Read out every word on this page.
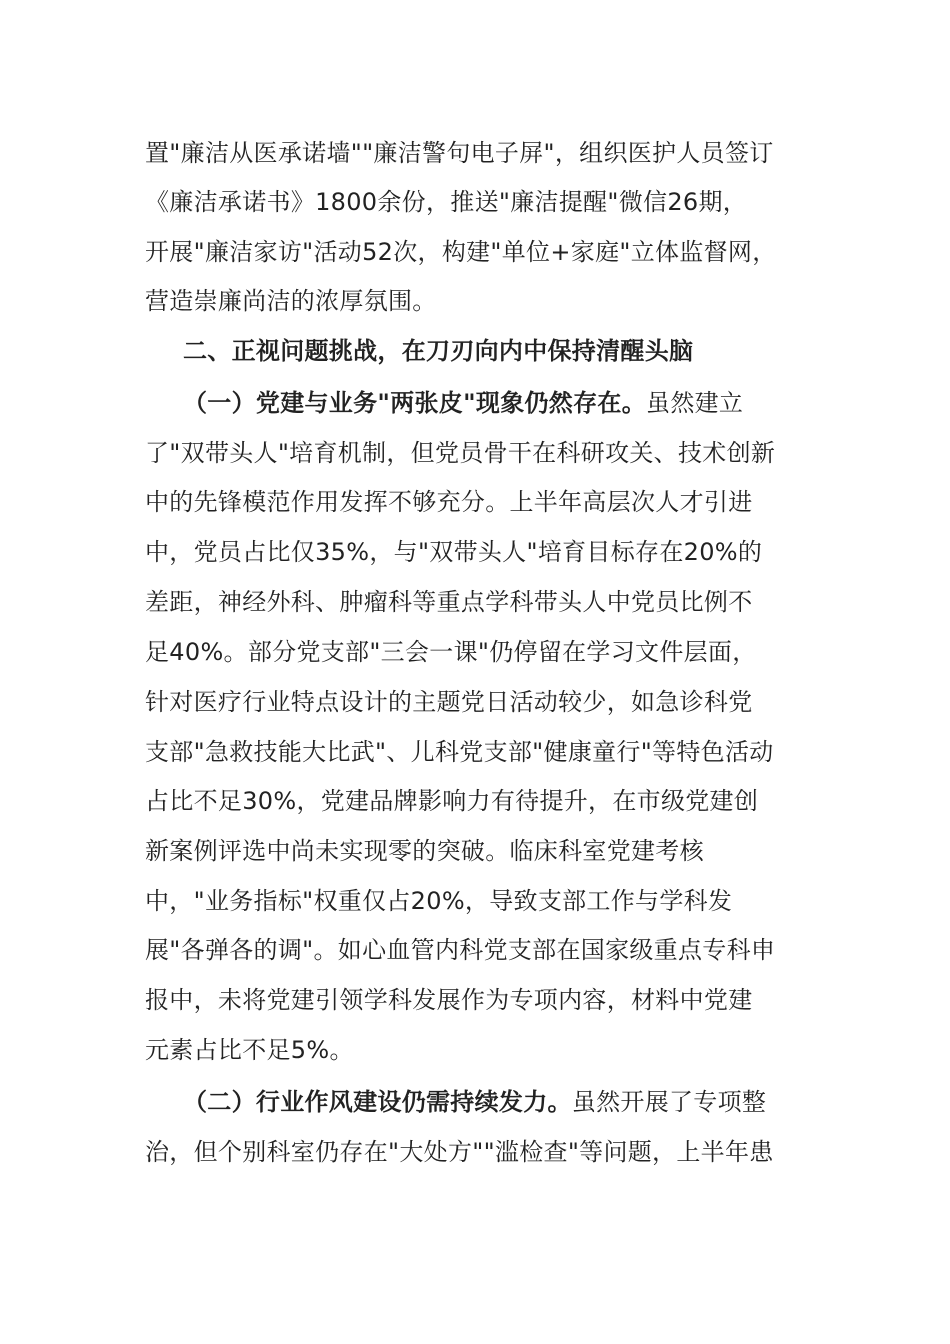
置"廉洁从医承诺墙""廉洁警句电子屏"，组织医护人员签订
《廉洁承诺书》1800余份，推送"廉洁提醒"微信26期，
开展"廉洁家访"活动52次，构建"单位+家庭"立体监督网，
营造崇廉尚洁的浓厚氛围。
二、正视问题挑战，在刀刃向内中保持清醒头脑
（一）党建与业务"两张皮"现象仍然存在。虽然建立
了"双带头人"培育机制，但党员骨干在科研攻关、技术创新
中的先锋模范作用发挥不够充分。上半年高层次人才引进
中，党员占比仅35%，与"双带头人"培育目标存在20%的
差距，神经外科、肿瘤科等重点学科带头人中党员比例不
足40%。部分党支部"三会一课"仍停留在学习文件层面，
针对医疗行业特点设计的主题党日活动较少，如急诊科党
支部"急救技能大比武"、儿科党支部"健康童行"等特色活动
占比不足30%，党建品牌影响力有待提升，在市级党建创
新案例评选中尚未实现零的突破。临床科室党建考核
中，"业务指标"权重仅占20%，导致支部工作与学科发
展"各弹各的调"。如心血管内科党支部在国家级重点专科申
报中，未将党建引领学科发展作为专项内容，材料中党建
元素占比不足5%。
（二）行业作风建设仍需持续发力。虽然开展了专项整
治，但个别科室仍存在"大处方""滥检查"等问题，上半年患
